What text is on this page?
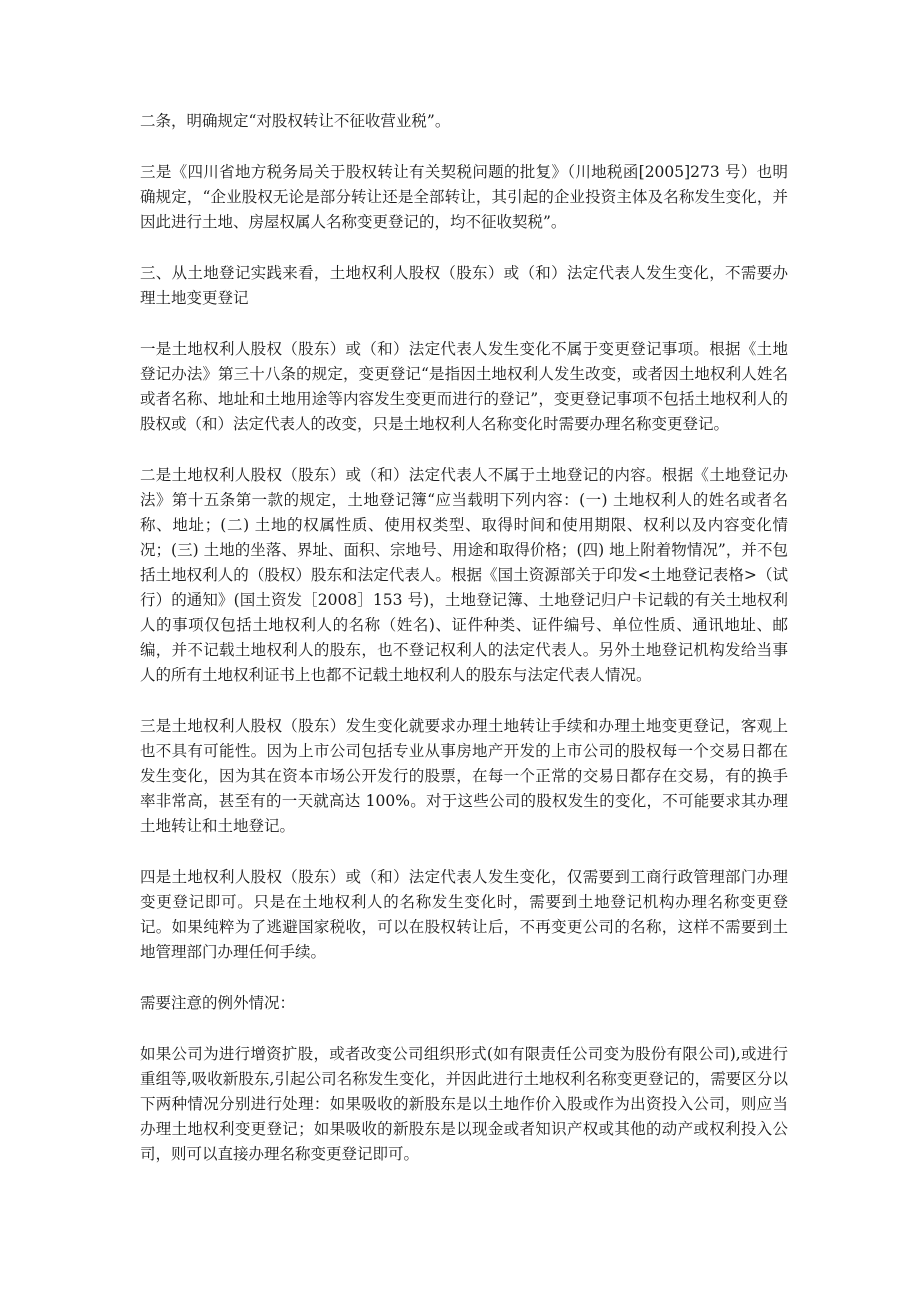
二条，明确规定“对股权转让不征收营业税”。

三是《四川省地方税务局关于股权转让有关契税问题的批复》（川地税函[2005]273 号）也明确规定，“企业股权无论是部分转让还是全部转让，其引起的企业投资主体及名称发生变化，并因此进行土地、房屋权属人名称变更登记的，均不征收契税”。

三、从土地登记实践来看，土地权利人股权（股东）或（和）法定代表人发生变化，不需要办理土地变更登记

一是土地权利人股权（股东）或（和）法定代表人发生变化不属于变更登记事项。根据《土地登记办法》第三十八条的规定，变更登记“是指因土地权利人发生改变，或者因土地权利人姓名或者名称、地址和土地用途等内容发生变更而进行的登记”，变更登记事项不包括土地权利人的股权或（和）法定代表人的改变，只是土地权利人名称变化时需要办理名称变更登记。

二是土地权利人股权（股东）或（和）法定代表人不属于土地登记的内容。根据《土地登记办法》第十五条第一款的规定，土地登记簿“应当载明下列内容：(一) 土地权利人的姓名或者名称、地址；(二) 土地的权属性质、使用权类型、取得时间和使用期限、权利以及内容变化情况；(三) 土地的坐落、界址、面积、宗地号、用途和取得价格；(四) 地上附着物情况”，并不包括土地权利人的（股权）股东和法定代表人。根据《国土资源部关于印发<土地登记表格>（试行）的通知》(国土资发［2008］153 号)，土地登记簿、土地登记归户卡记载的有关土地权利人的事项仅包括土地权利人的名称（姓名)、证件种类、证件编号、单位性质、通讯地址、邮编，并不记载土地权利人的股东，也不登记权利人的法定代表人。另外土地登记机构发给当事人的所有土地权利证书上也都不记载土地权利人的股东与法定代表人情况。

三是土地权利人股权（股东）发生变化就要求办理土地转让手续和办理土地变更登记，客观上也不具有可能性。因为上市公司包括专业从事房地产开发的上市公司的股权每一个交易日都在发生变化，因为其在资本市场公开发行的股票，在每一个正常的交易日都存在交易，有的换手率非常高，甚至有的一天就高达 100%。对于这些公司的股权发生的变化，不可能要求其办理土地转让和土地登记。

四是土地权利人股权（股东）或（和）法定代表人发生变化，仅需要到工商行政管理部门办理变更登记即可。只是在土地权利人的名称发生变化时，需要到土地登记机构办理名称变更登记。如果纯粹为了逃避国家税收，可以在股权转让后，不再变更公司的名称，这样不需要到土地管理部门办理任何手续。

需要注意的例外情况：

如果公司为进行增资扩股，或者改变公司组织形式(如有限责任公司变为股份有限公司),或进行重组等,吸收新股东,引起公司名称发生变化，并因此进行土地权利名称变更登记的，需要区分以下两种情况分别进行处理：如果吸收的新股东是以土地作价入股或作为出资投入公司，则应当办理土地权利变更登记；如果吸收的新股东是以现金或者知识产权或其他的动产或权利投入公司，则可以直接办理名称变更登记即可。
